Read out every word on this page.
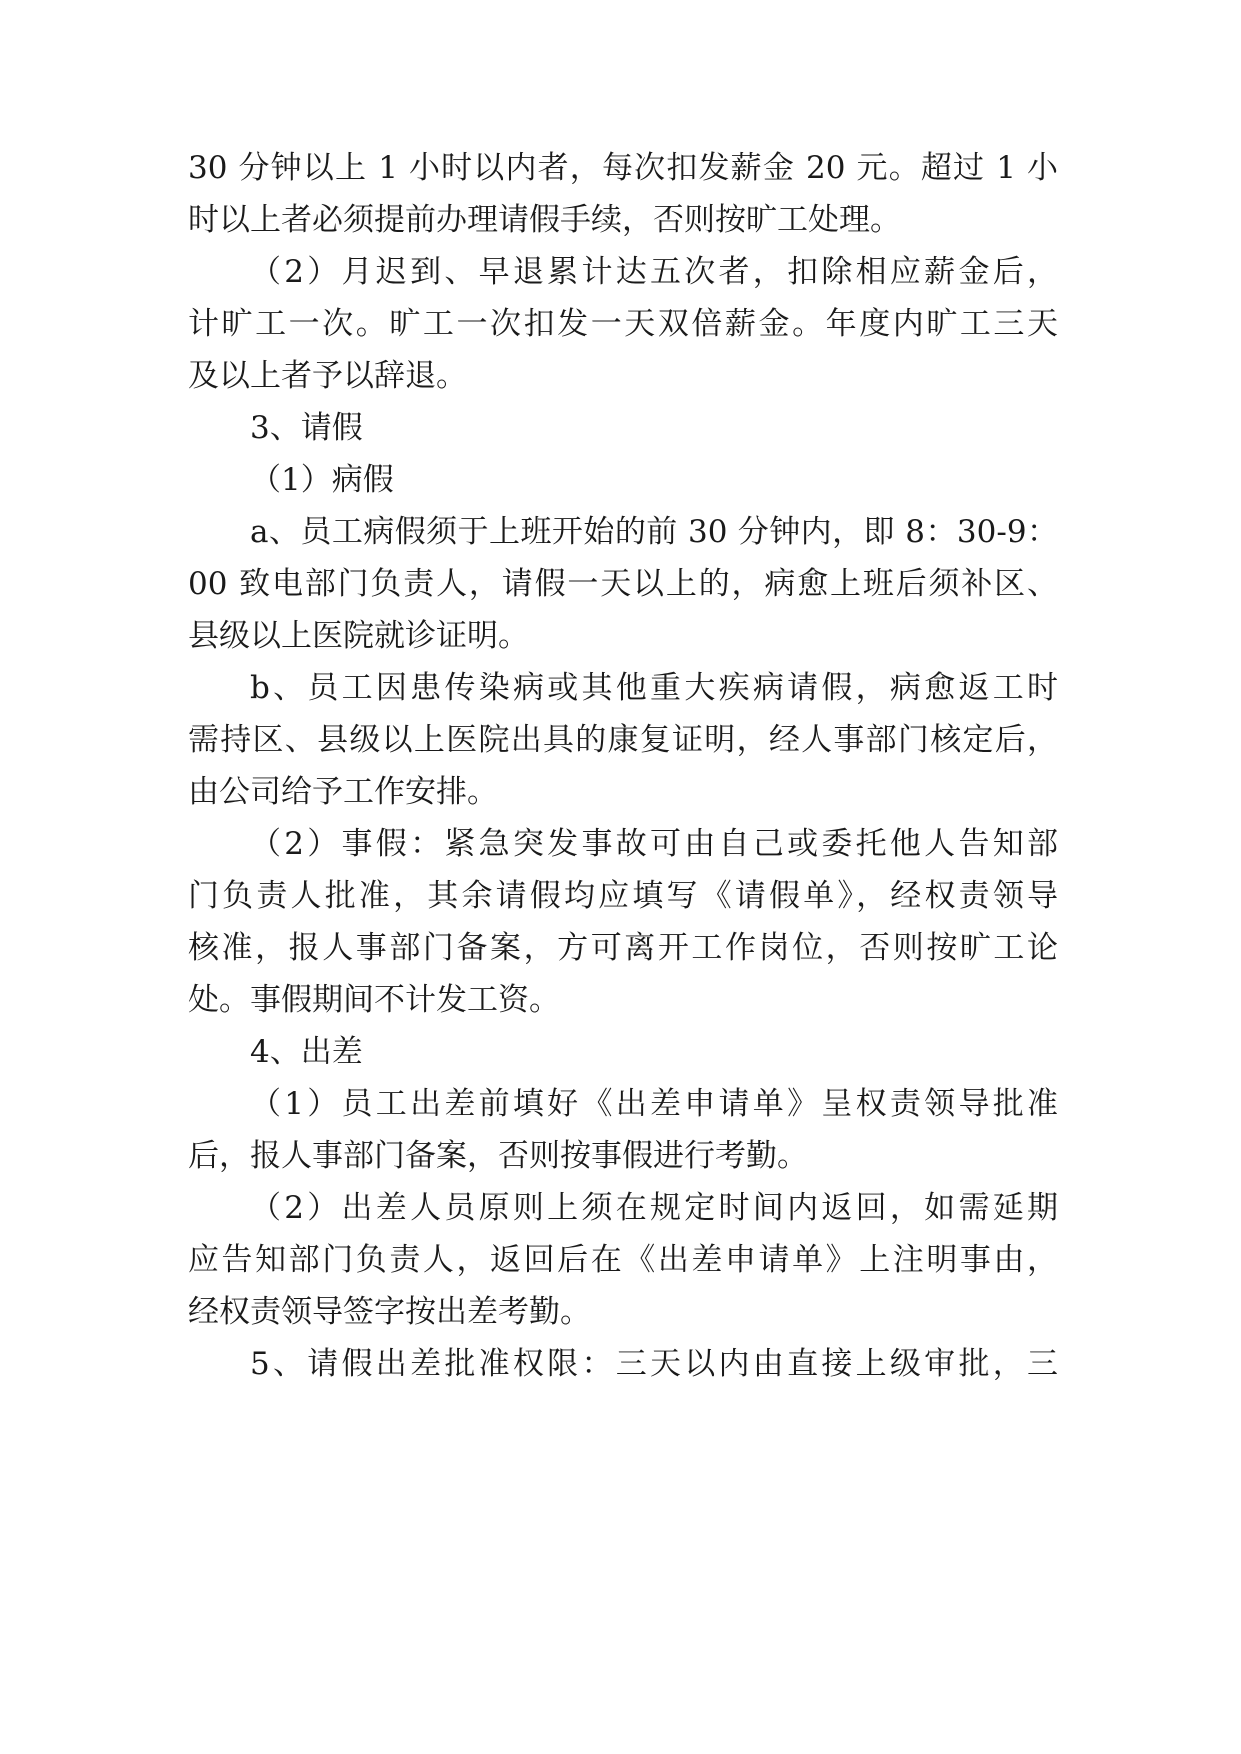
30 分钟以上 1 小时以内者，每次扣发薪金 20 元。超过 1 小
时以上者必须提前办理请假手续，否则按旷工处理。
（2）月迟到、早退累计达五次者，扣除相应薪金后，
计旷工一次。旷工一次扣发一天双倍薪金。年度内旷工三天
及以上者予以辞退。
3、请假
（1）病假
a、员工病假须于上班开始的前 30 分钟内，即 8：30-9：
00 致电部门负责人，请假一天以上的，病愈上班后须补区、
县级以上医院就诊证明。
b、员工因患传染病或其他重大疾病请假，病愈返工时
需持区、县级以上医院出具的康复证明，经人事部门核定后，
由公司给予工作安排。
（2）事假：紧急突发事故可由自己或委托他人告知部
门负责人批准，其余请假均应填写《请假单》，经权责领导
核准，报人事部门备案，方可离开工作岗位，否则按旷工论
处。事假期间不计发工资。
4、出差
（1）员工出差前填好《出差申请单》呈权责领导批准
后，报人事部门备案，否则按事假进行考勤。
（2）出差人员原则上须在规定时间内返回，如需延期
应告知部门负责人，返回后在《出差申请单》上注明事由，
经权责领导签字按出差考勤。
5、请假出差批准权限：三天以内由直接上级审批，三
